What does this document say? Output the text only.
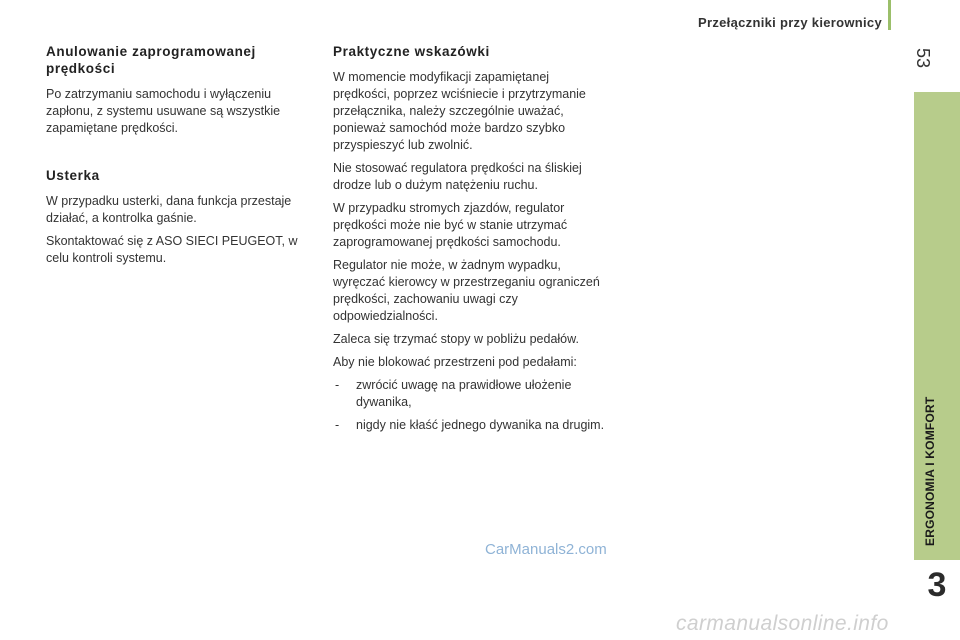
Przełączniki przy kierownicy
53
ERGONOMIA I KOMFORT
3
Anulowanie zaprogramowanej prędkości

Po zatrzymaniu samochodu i wyłączeniu zapłonu, z systemu usuwane są wszystkie zapamiętane prędkości.

Usterka

W przypadku usterki, dana funkcja przestaje działać, a kontrolka gaśnie.

Skontaktować się z ASO SIECI PEUGEOT, w celu kontroli systemu.

Praktyczne wskazówki

W momencie modyfikacji zapamiętanej prędkości, poprzez wciśniecie i przytrzymanie przełącznika, należy szczególnie uważać, ponieważ samochód może bardzo szybko przyspieszyć lub zwolnić.

Nie stosować regulatora prędkości na śliskiej drodze lub o dużym natężeniu ruchu.

W przypadku stromych zjazdów, regulator prędkości może nie być w stanie utrzymać zaprogramowanej prędkości samochodu.

Regulator nie może, w żadnym wypadku, wyręczać kierowcy w przestrzeganiu ograniczeń prędkości, zachowaniu uwagi czy odpowiedzialności.

Zaleca się trzymać stopy w pobliżu pedałów.

Aby nie blokować przestrzeni pod pedałami:

- zwrócić uwagę na prawidłowe ułożenie dywanika,
- nigdy nie kłaść jednego dywanika na drugim.
CarManuals2.com
carmanualsonline.info
